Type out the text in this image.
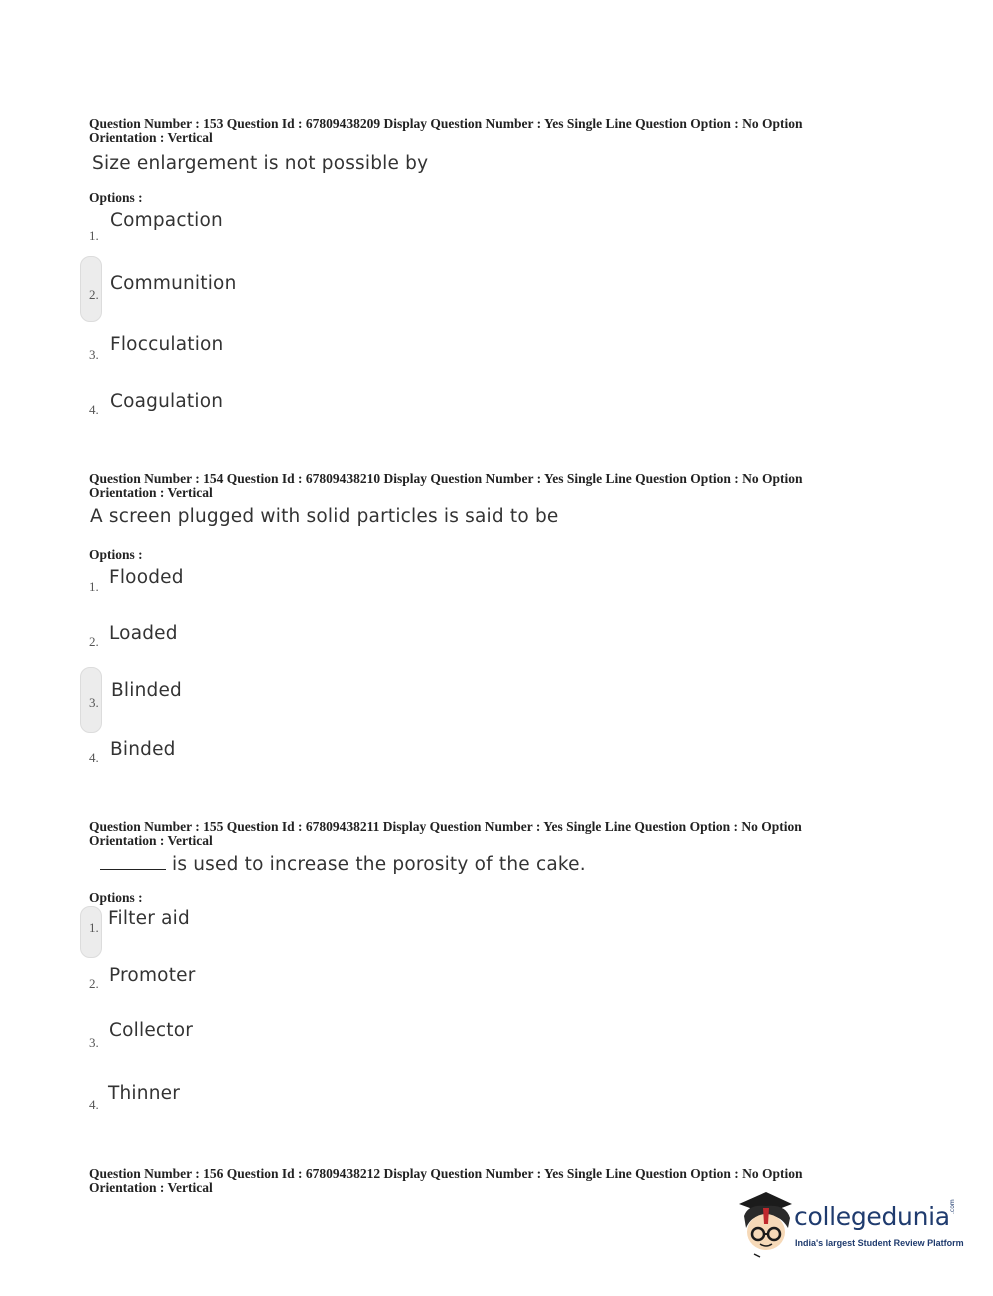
Question Number : 153 Question Id : 67809438209 Display Question Number : Yes Single Line Question Option : No Option
Orientation : Vertical
Size enlargement is not possible by
Options :
1.
Compaction
2.
Communition
3. Flocculation
4. Coagulation
Question Number : 154 Question Id : 67809438210 Display Question Number : Yes Single Line Question Option : No Option
Orientation : Vertical
A screen plugged with solid particles is said to be
Options :
1. Flooded
2. Loaded
3.
Blinded
4. Binded
Question Number : 155 Question Id : 67809438211 Display Question Number : Yes Single Line Question Option : No Option
Orientation : Vertical
is used to increase the porosity of the cake.
Options :
1. Filter aid
2. Promoter
3.
Collector
4.
Thinner
Question Number : 156 Question Id : 67809438212 Display Question Number : Yes Single Line Question Option : No Option
Orientation : Vertical
collegedunia .com
India's largest Student Review Platform
